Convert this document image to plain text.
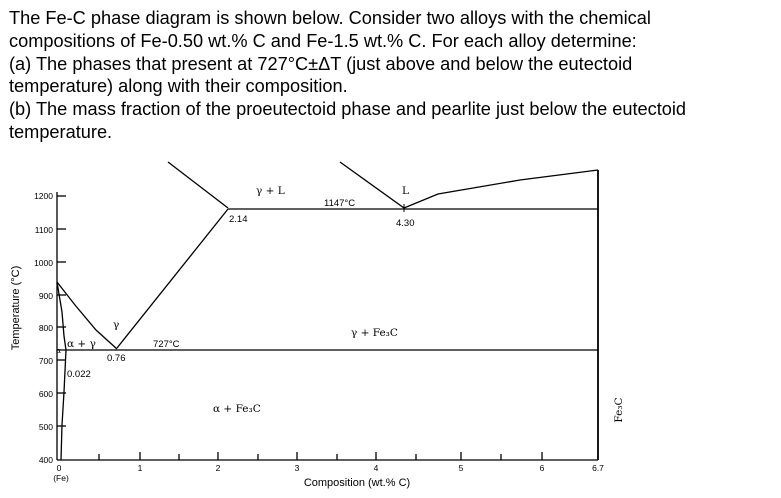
The Fe-C phase diagram is shown below. Consider two alloys with the chemical
compositions of Fe-0.50 wt.% C and Fe-1.5 wt.% C. For each alloy determine:
(a) The phases that present at 727°C±ΔT (just above and below the eutectoid
temperature) along with their composition.
(b) The mass fraction of the proeutectoid phase and pearlite just below the eutectoid
temperature.
1200
1100
1000
900
800
700
600
500
400
0
(Fe)
1	2	3	4	5	6	6.7
Composition (wt.% C)
Temperature (°C)
1147°C
727°C
2.14	4.30
0.76
0.022
γ + L	L
γ
α + γ
α
γ + Fe₃C
α + Fe₃C	Fe₃C
